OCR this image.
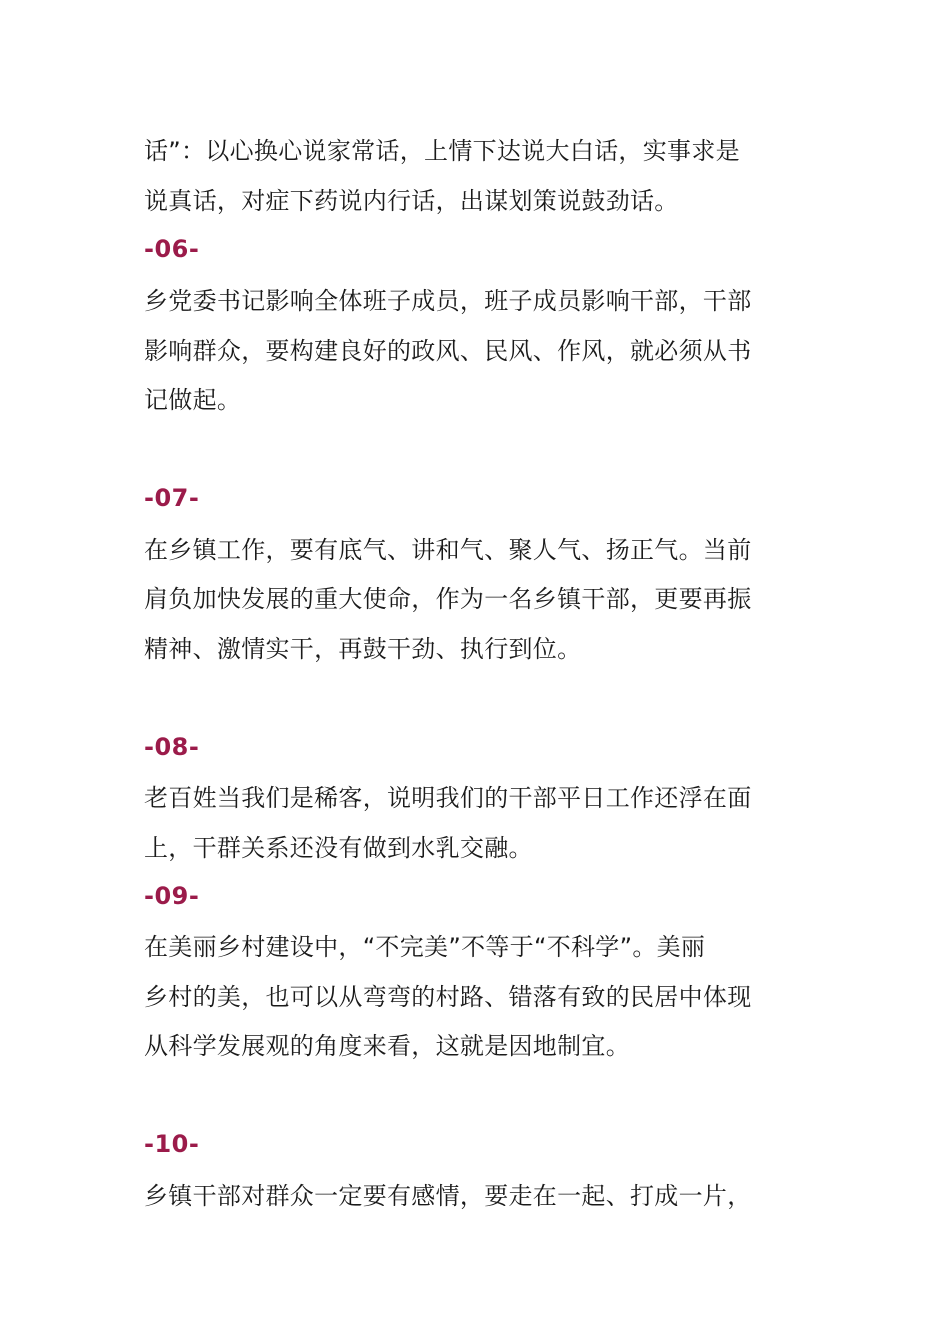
话”：以心换心说家常话，上情下达说大白话，实事求是
说真话，对症下药说内行话，出谋划策说鼓劲话。
-06-
乡党委书记影响全体班子成员，班子成员影响干部，干部
影响群众，要构建良好的政风、民风、作风，就必须从书
记做起。
-07-
在乡镇工作，要有底气、讲和气、聚人气、扬正气。当前
肩负加快发展的重大使命，作为一名乡镇干部，更要再振
精神、激情实干，再鼓干劲、执行到位。
-08-
老百姓当我们是稀客，说明我们的干部平日工作还浮在面
上，干群关系还没有做到水乳交融。
-09-
在美丽乡村建设中，“不完美”不等于“不科学”。美丽
乡村的美，也可以从弯弯的村路、错落有致的民居中体现
从科学发展观的角度来看，这就是因地制宜。
-10-
乡镇干部对群众一定要有感情，要走在一起、打成一片，
